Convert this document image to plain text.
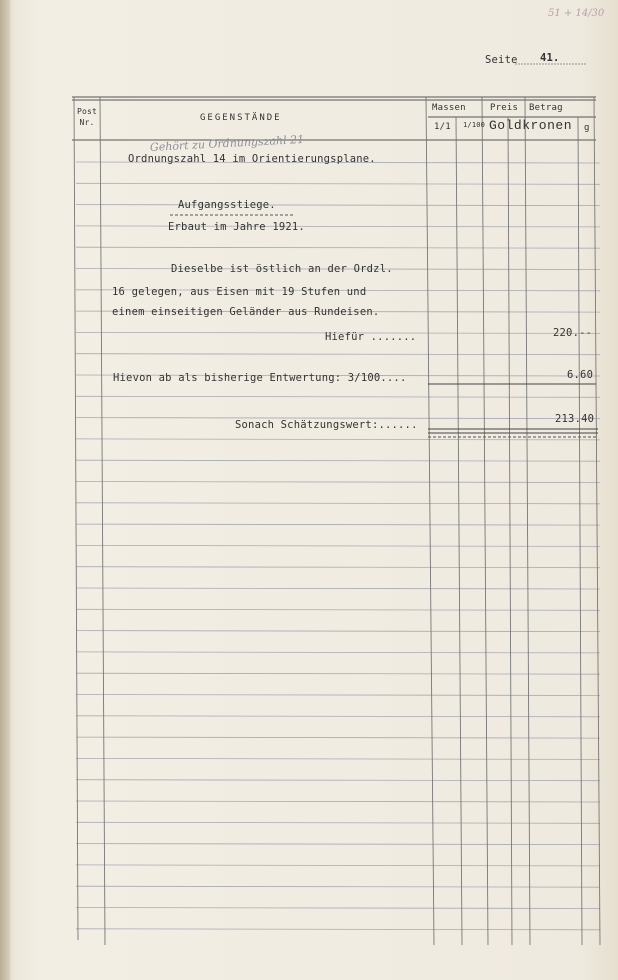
51 + 14/30
Seite 41.
Post Nr.	GEGENSTÄNDE
Massen
1/1 1/100
Preis Betrag
Goldkronen g
Gehört zu Ordnungszahl 21
Ordnungszahl 14 im Orientierungsplane.
Aufgangsstiege.
Erbaut im Jahre 1921.
Dieselbe ist östlich an der Ordzl.
16 gelegen, aus Eisen mit 19 Stufen und
einem einseitigen Geländer aus Rundeisen.
Hiefür .......
Hievon ab als bisherige Entwertung: 3/100....
Sonach Schätzungswert:......
220.--
6.60
213.40
